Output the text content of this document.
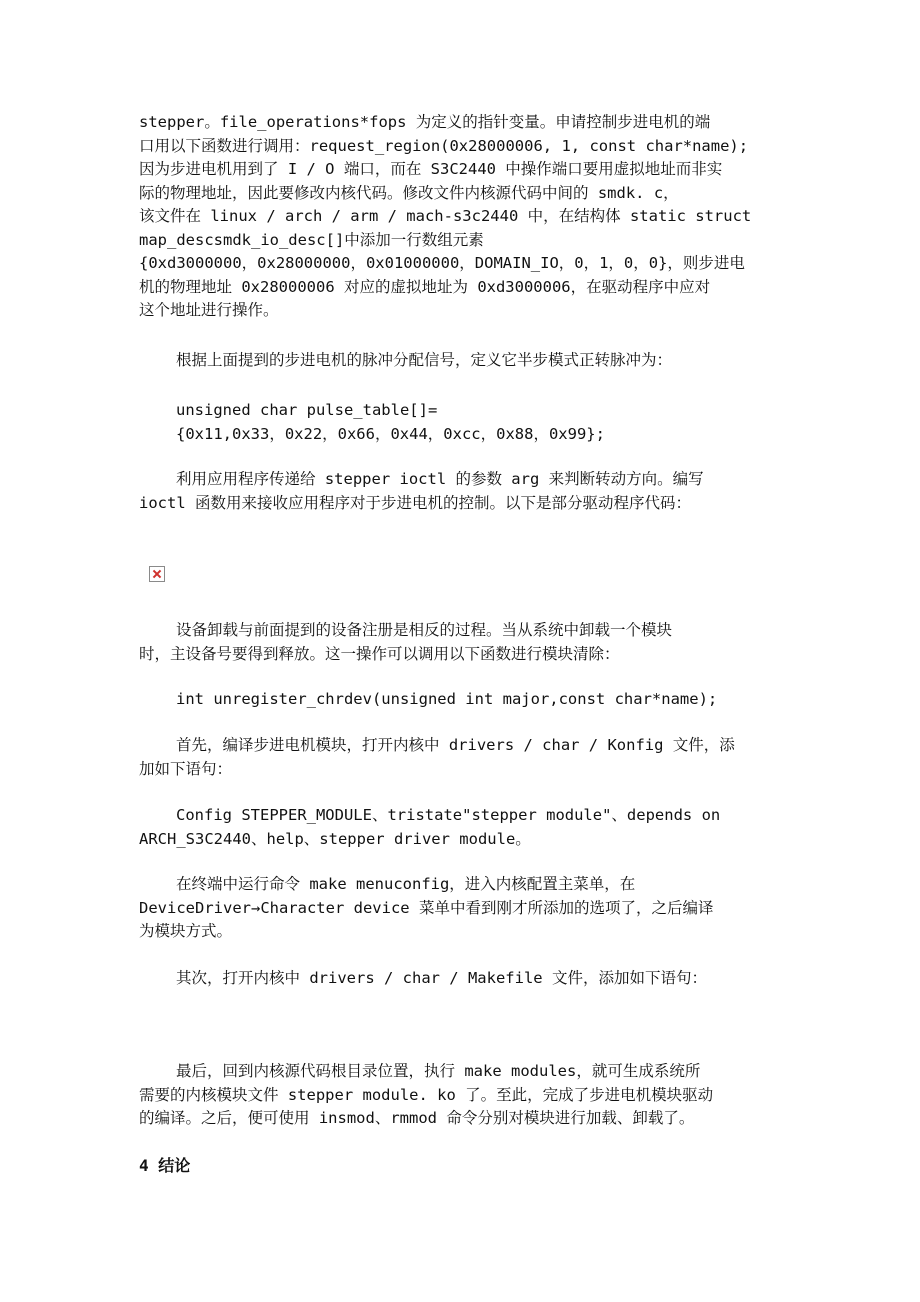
stepper。file_operations*fops 为定义的指针变量。申请控制步进电机的端
口用以下函数进行调用：request_region(0x28000006, 1, const char*name);
因为步进电机用到了 I / O 端口，而在 S3C2440 中操作端口要用虚拟地址而非实
际的物理地址，因此要修改内核代码。修改文件内核源代码中间的 smdk. c，
该文件在 linux / arch / arm / mach-s3c2440 中，在结构体 static struct
map_descsmdk_io_desc[]中添加一行数组元素
{0xd3000000，0x28000000，0x01000000，DOMAIN_IO，0，1，0，0}，则步进电
机的物理地址 0x28000006 对应的虚拟地址为 0xd3000006，在驱动程序中应对
这个地址进行操作。
根据上面提到的步进电机的脉冲分配信号，定义它半步模式正转脉冲为：
unsigned char pulse_table[]=
{0x11,0x33，0x22，0x66，0x44，0xcc，0x88，0x99};
利用应用程序传递给 stepper ioctl 的参数 arg 来判断转动方向。编写
ioctl 函数用来接收应用程序对于步进电机的控制。以下是部分驱动程序代码：
设备卸载与前面提到的设备注册是相反的过程。当从系统中卸载一个模块
时，主设备号要得到释放。这一操作可以调用以下函数进行模块清除：
int unregister_chrdev(unsigned int major,const char*name);
首先，编译步进电机模块，打开内核中 drivers / char / Konfig 文件，添
加如下语句：
Config STEPPER_MODULE、tristate"stepper module"、depends on
ARCH_S3C2440、help、stepper driver module。
在终端中运行命令 make menuconfig，进入内核配置主菜单，在
DeviceDriver→Character device 菜单中看到刚才所添加的选项了，之后编译
为模块方式。
其次，打开内核中 drivers / char / Makefile 文件，添加如下语句：
最后，回到内核源代码根目录位置，执行 make modules，就可生成系统所
需要的内核模块文件 stepper module. ko 了。至此，完成了步进电机模块驱动
的编译。之后，便可使用 insmod、rmmod 命令分别对模块进行加载、卸载了。
4 结论
